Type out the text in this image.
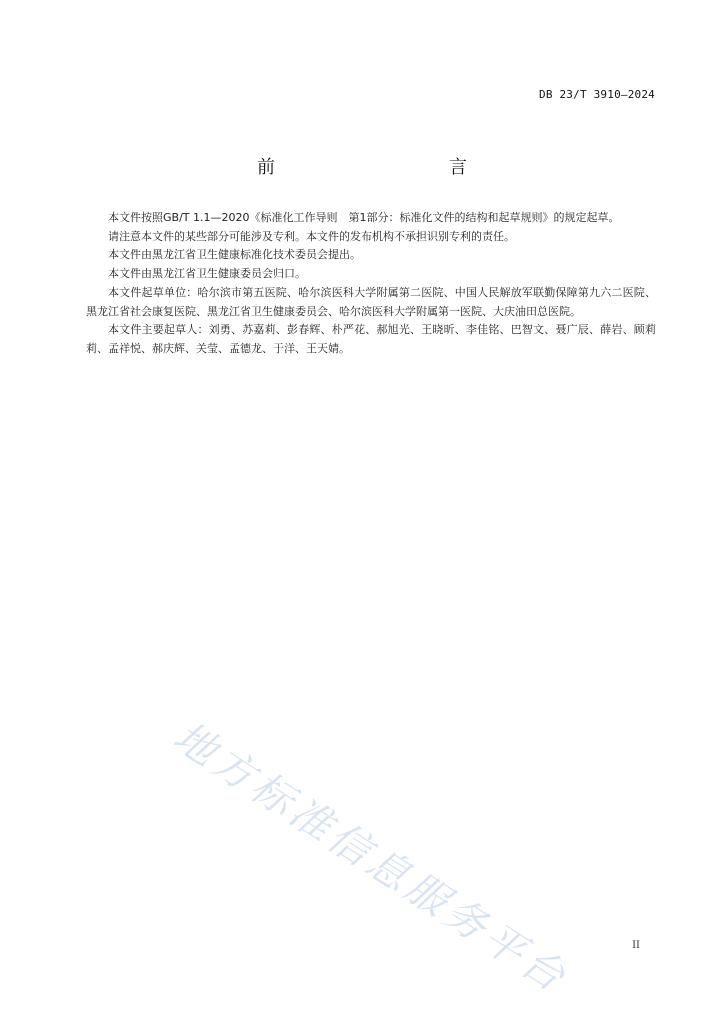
DB 23/T 3910—2024
前　　言

本文件按照GB/T 1.1—2020《标准化工作导则　第1部分：标准化文件的结构和起草规则》的规定起草。

请注意本文件的某些部分可能涉及专利。本文件的发布机构不承担识别专利的责任。

本文件由黑龙江省卫生健康标准化技术委员会提出。

本文件由黑龙江省卫生健康委员会归口。

本文件起草单位：哈尔滨市第五医院、哈尔滨医科大学附属第二医院、中国人民解放军联勤保障第九六二医院、黑龙江省社会康复医院、黑龙江省卫生健康委员会、哈尔滨医科大学附属第一医院、大庆油田总医院。

本文件主要起草人：刘勇、苏嘉莉、彭春辉、朴严花、郝旭光、王晓昕、李佳铭、巴智文、聂广辰、薛岩、顾莉莉、孟祥悦、郝庆辉、关莹、孟德龙、于洋、王天婧。

地方标准信息服务平台	II
